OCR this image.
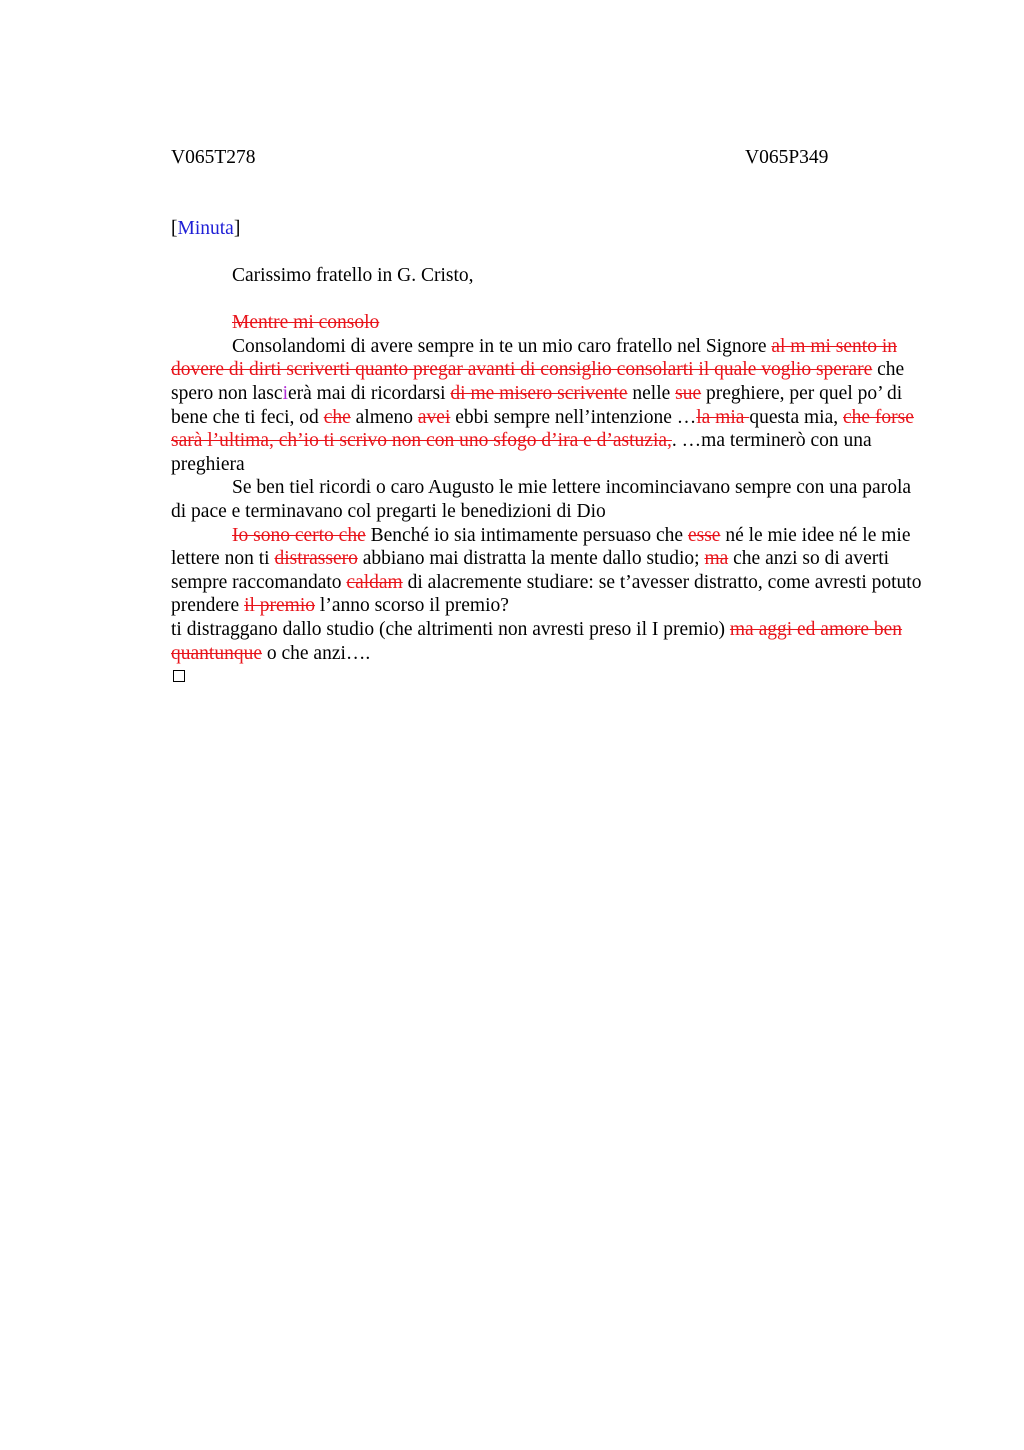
V065T278	V065P349
[Minuta]

Carissimo fratello in G. Cristo,

Mentre mi consolo

Consolandomi di avere sempre in te un mio caro fratello nel Signore al m mi sento in dovere di dirti scriverti quanto pregar avanti di consiglio consolarti il quale voglio sperare che spero non lascierà mai di ricordarsi di me misero scrivente nelle sue preghiere, per quel po’ di bene che ti feci, od che almeno avei ebbi sempre nell’intenzione …la mia questa mia, che forse sarà l’ultima, ch’io ti scrivo non con uno sfogo d’ira e d’astuzia,. …ma terminerò con una preghiera

Se ben tiel ricordi o caro Augusto le mie lettere incominciavano sempre con una parola di pace e terminavano col pregarti le benedizioni di Dio

Io sono certo che Benché io sia intimamente persuaso che esse né le mie idee né le mie lettere non ti distrassero abbiano mai distratta la mente dallo studio; ma che anzi so di averti sempre raccomandato caldam di alacremente studiare: se t’avesser distratto, come avresti potuto prendere il premio l’anno scorso il premio?

ti distraggano dallo studio (che altrimenti non avresti preso il I premio) ma aggi ed amore ben quantunque o che anzi….
